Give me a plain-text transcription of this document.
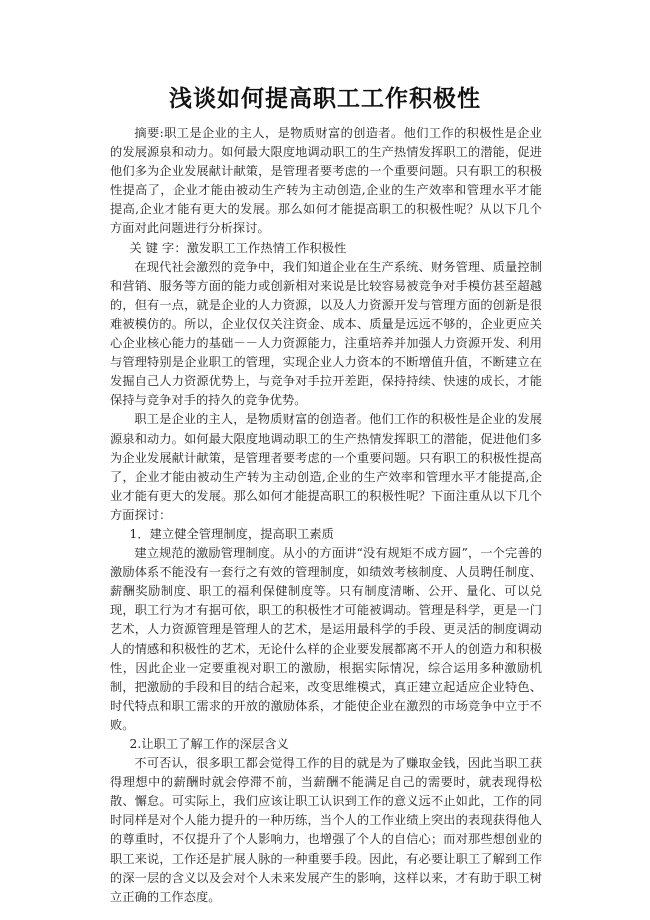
浅谈如何提高职工工作积极性

摘要:职工是企业的主人，是物质财富的创造者。他们工作的积极性是企业的发展源泉和动力。如何最大限度地调动职工的生产热情发挥职工的潜能，促进他们多为企业发展献计献策，是管理者要考虑的一个重要问题。只有职工的积极性提高了，企业才能由被动生产转为主动创造,企业的生产效率和管理水平才能提高,企业才能有更大的发展。那么如何才能提高职工的积极性呢？从以下几个方面对此问题进行分析探讨。

关 键 字：激发职工工作热情工作积极性

在现代社会激烈的竞争中，我们知道企业在生产系统、财务管理、质量控制和营销、服务等方面的能力或创新相对来说是比较容易被竞争对手模仿甚至超越的，但有一点，就是企业的人力资源，以及人力资源开发与管理方面的创新是很难被模仿的。所以，企业仅仅关注资金、成本、质量是远远不够的，企业更应关心企业核心能力的基础－－人力资源能力，注重培养并加强人力资源开发、利用与管理特别是企业职工的管理，实现企业人力资本的不断增值升值，不断建立在发掘自己人力资源优势上，与竞争对手拉开差距，保持持续、快速的成长，才能保持与竞争对手的持久的竞争优势。

职工是企业的主人，是物质财富的创造者。他们工作的积极性是企业的发展源泉和动力。如何最大限度地调动职工的生产热情发挥职工的潜能，促进他们多为企业发展献计献策，是管理者要考虑的一个重要问题。只有职工的积极性提高了，企业才能由被动生产转为主动创造,企业的生产效率和管理水平才能提高,企业才能有更大的发展。那么如何才能提高职工的积极性呢？下面注重从以下几个方面探讨：

1．建立健全管理制度，提高职工素质

建立规范的激励管理制度。从小的方面讲“没有规矩不成方圆”，一个完善的激励体系不能没有一套行之有效的管理制度，如绩效考核制度、人员聘任制度、薪酬奖励制度、职工的福利保健制度等。只有制度清晰、公开、量化、可以兑现，职工行为才有据可依，职工的积极性才可能被调动。管理是科学，更是一门艺术，人力资源管理是管理人的艺术，是运用最科学的手段、更灵活的制度调动人的情感和积极性的艺术，无论什么样的企业要发展都离不开人的创造力和积极性，因此企业一定要重视对职工的激励，根据实际情况，综合运用多种激励机制，把激励的手段和目的结合起来，改变思维模式，真正建立起适应企业特色、时代特点和职工需求的开放的激励体系，才能使企业在激烈的市场竞争中立于不败。

2.让职工了解工作的深层含义

不可否认，很多职工都会觉得工作的目的就是为了赚取金钱，因此当职工获得理想中的薪酬时就会停滞不前，当薪酬不能满足自己的需要时，就表现得松散、懈怠。可实际上，我们应该让职工认识到工作的意义远不止如此，工作的同时同样是对个人能力提升的一种历练，当个人的工作业绩上突出的表现获得他人的尊重时，不仅提升了个人影响力，也增强了个人的自信心；而对那些想创业的职工来说，工作还是扩展人脉的一种重要手段。因此，有必要让职工了解到工作的深一层的含义以及会对个人未来发展产生的影响，这样以来，才有助于职工树立正确的工作态度。
